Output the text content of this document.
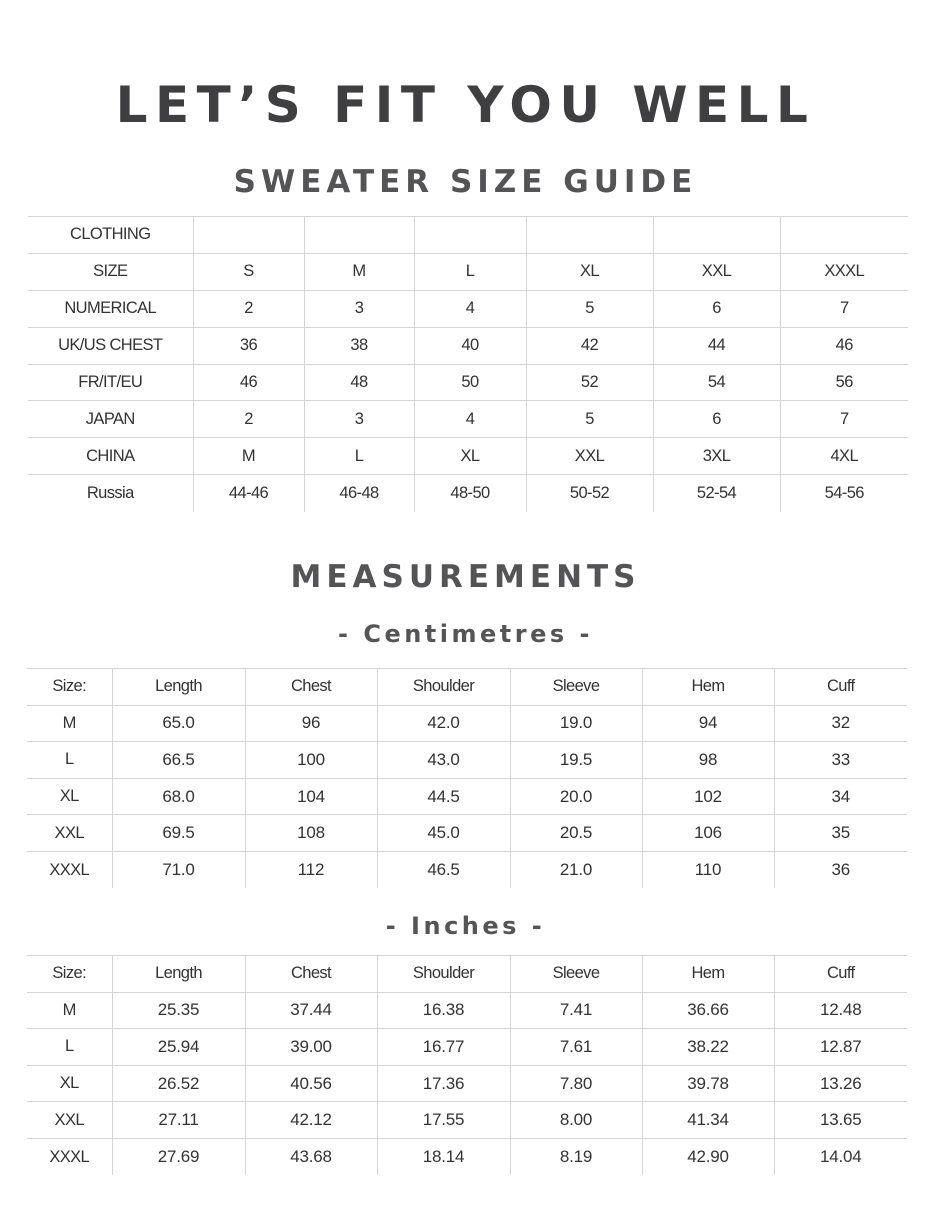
LET’S FIT YOU WELL
SWEATER SIZE GUIDE
CLOTHING						
SIZE	S	M	L	XL	XXL	XXXL
NUMERICAL	2	3	4	5	6	7
UK/US CHEST	36	38	40	42	44	46
FR/IT/EU	46	48	50	52	54	56
JAPAN	2	3	4	5	6	7
CHINA	M	L	XL	XXL	3XL	4XL
Russia	44-46	46-48	48-50	50-52	52-54	54-56
MEASUREMENTS
- Centimetres -
Size:	Length	Chest	Shoulder	Sleeve	Hem	Cuff
M	65.0	96	42.0	19.0	94	32
L	66.5	100	43.0	19.5	98	33
XL	68.0	104	44.5	20.0	102	34
XXL	69.5	108	45.0	20.5	106	35
XXXL	71.0	112	46.5	21.0	110	36
- Inches -
Size:	Length	Chest	Shoulder	Sleeve	Hem	Cuff
M	25.35	37.44	16.38	7.41	36.66	12.48
L	25.94	39.00	16.77	7.61	38.22	12.87
XL	26.52	40.56	17.36	7.80	39.78	13.26
XXL	27.11	42.12	17.55	8.00	41.34	13.65
XXXL	27.69	43.68	18.14	8.19	42.90	14.04
